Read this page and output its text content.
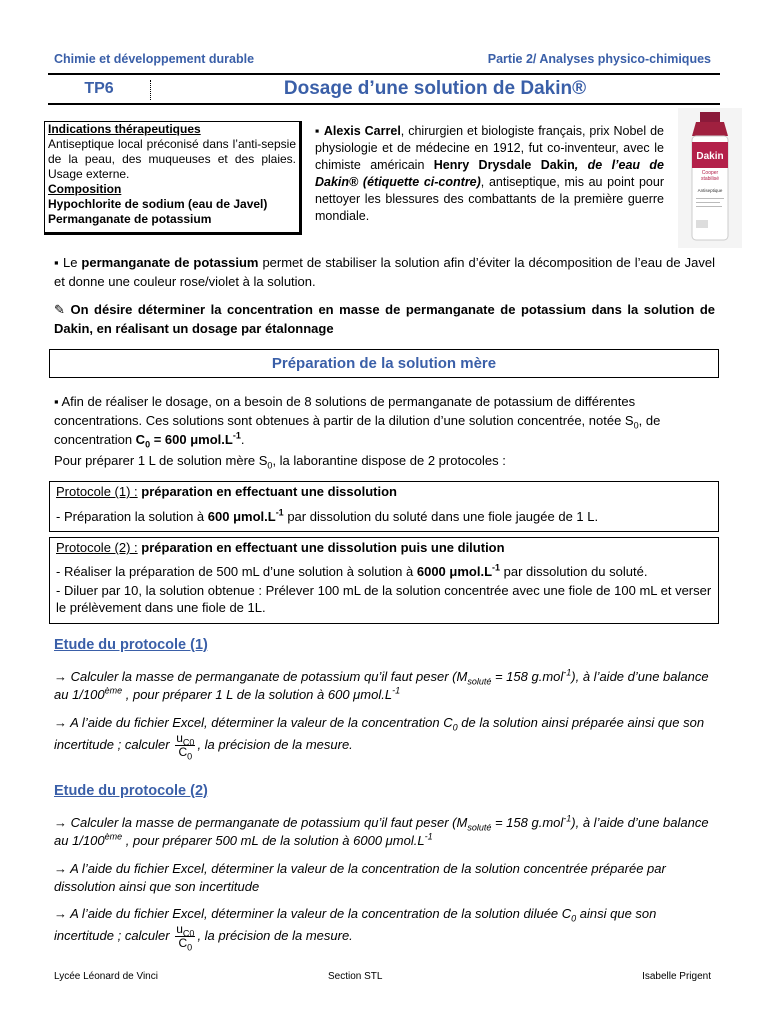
Chimie et développement durable	Partie 2/ Analyses physico-chimiques
TP6	Dosage d’une solution de Dakin®

Indications thérapeutiques

Antiseptique local préconisé dans l’anti-sepsie de la peau, des muqueuses et des plaies. Usage externe.

Composition

Hypochlorite de sodium (eau de Javel)

Permanganate de potassium

▪ Alexis Carrel, chirurgien et biologiste français, prix Nobel de physiologie et de médecine en 1912, fut co-inventeur, avec le chimiste américain Henry Drysdale Dakin, de l’eau de Dakin® (étiquette ci-contre), antiseptique, mis au point pour nettoyer les blessures des combattants de la première guerre mondiale.
Dakin
Cooper
stabilisé
Antiseptique
▪ Le permanganate de potassium permet de stabiliser la solution afin d’éviter la décomposition de l’eau de Javel et donne une couleur rose/violet à la solution.
✎ On désire déterminer la concentration en masse de permanganate de potassium dans la solution de Dakin, en réalisant un dosage par étalonnage
Préparation de la solution mère
▪ Afin de réaliser le dosage, on a besoin de 8 solutions de permanganate de potassium de différentes concentrations. Ces solutions sont obtenues à partir de la dilution d’une solution concentrée, notée $S_0$, de concentration $C_0 = 600$ $\mu mol.L^{-1}$.
Pour préparer 1 L de solution mère $S_0$, la laborantine dispose de 2 protocoles :
Protocole (1) : préparation en effectuant une dissolution
- Préparation la solution à 600 $\mu mol.L^{-1}$ par dissolution du soluté dans une fiole jaugée de 1 L.
Protocole (2) : préparation en effectuant une dissolution puis une dilution
- Réaliser la préparation de 500 mL d’une solution à solution à 6000 $\mu mol.L^{-1}$ par dissolution du soluté.
- Diluer par 10, la solution obtenue : Prélever 100 mL de la solution concentrée avec une fiole de 100 mL et verser le prélèvement dans une fiole de 1L.
Etude du protocole (1)
→ Calculer la masse de permanganate de potassium qu’il faut peser ($M_{soluté} = 158$ g.mol$^{-1}$), à l’aide d’une balance au 1/100ème , pour préparer 1 L de la solution à 600 $\mu mol.L^{-1}$
→ A l’aide du fichier Excel, déterminer la valeur de la concentration $C_0$ de la solution ainsi préparée ainsi que son incertitude ; calculer $\frac{u_{C0}}{C_0}$ , la précision de la mesure.
Etude du protocole (2)
→ Calculer la masse de permanganate de potassium qu’il faut peser ($M_{soluté} = 158$ g.mol$^{-1}$), à l’aide d’une balance au 1/100ème , pour préparer 500 mL de la solution à 6000 $\mu mol.L^{-1}$
→ A l’aide du fichier Excel, déterminer la valeur de la concentration de la solution concentrée préparée par dissolution ainsi que son incertitude
→ A l’aide du fichier Excel, déterminer la valeur de la concentration de la solution diluée $C_0$ ainsi que son incertitude ; calculer $\frac{u_{C0}}{C_0}$ , la précision de la mesure.
Lycée Léonard de Vinci	Section STL	Isabelle Prigent
